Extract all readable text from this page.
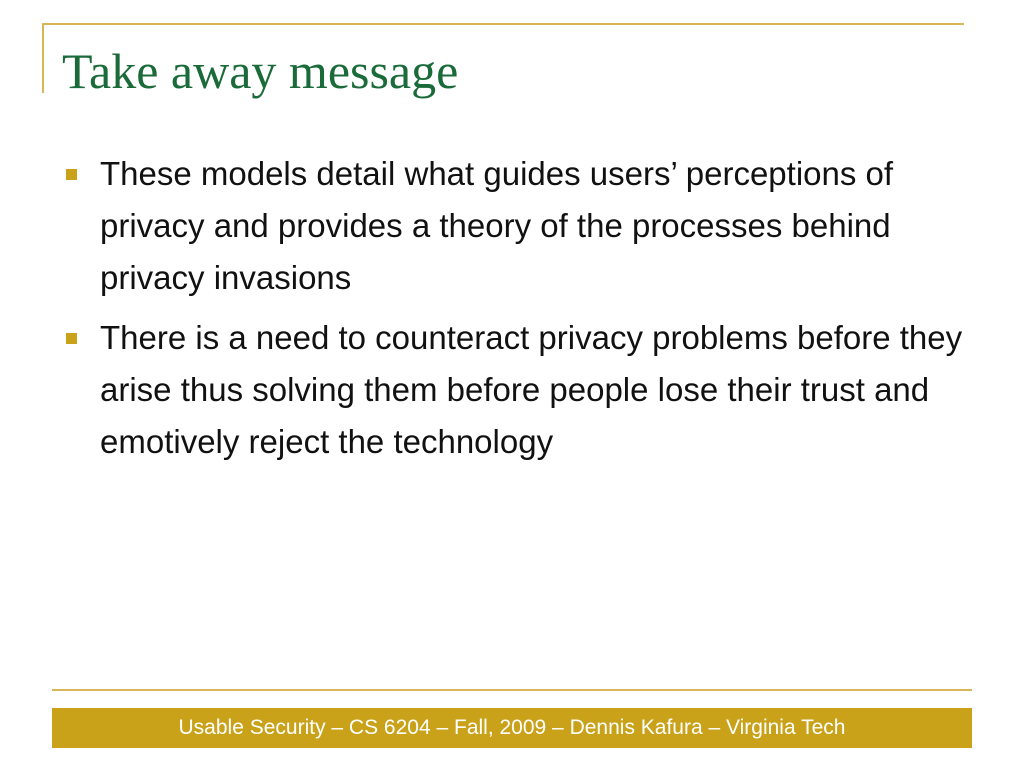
Take away message
These models detail what guides users’ perceptions of privacy and provides a theory of the processes behind privacy invasions
There is a need to counteract privacy problems before they arise thus solving them before people lose their trust and emotively reject the technology
Usable Security – CS 6204 – Fall, 2009 – Dennis Kafura – Virginia Tech
